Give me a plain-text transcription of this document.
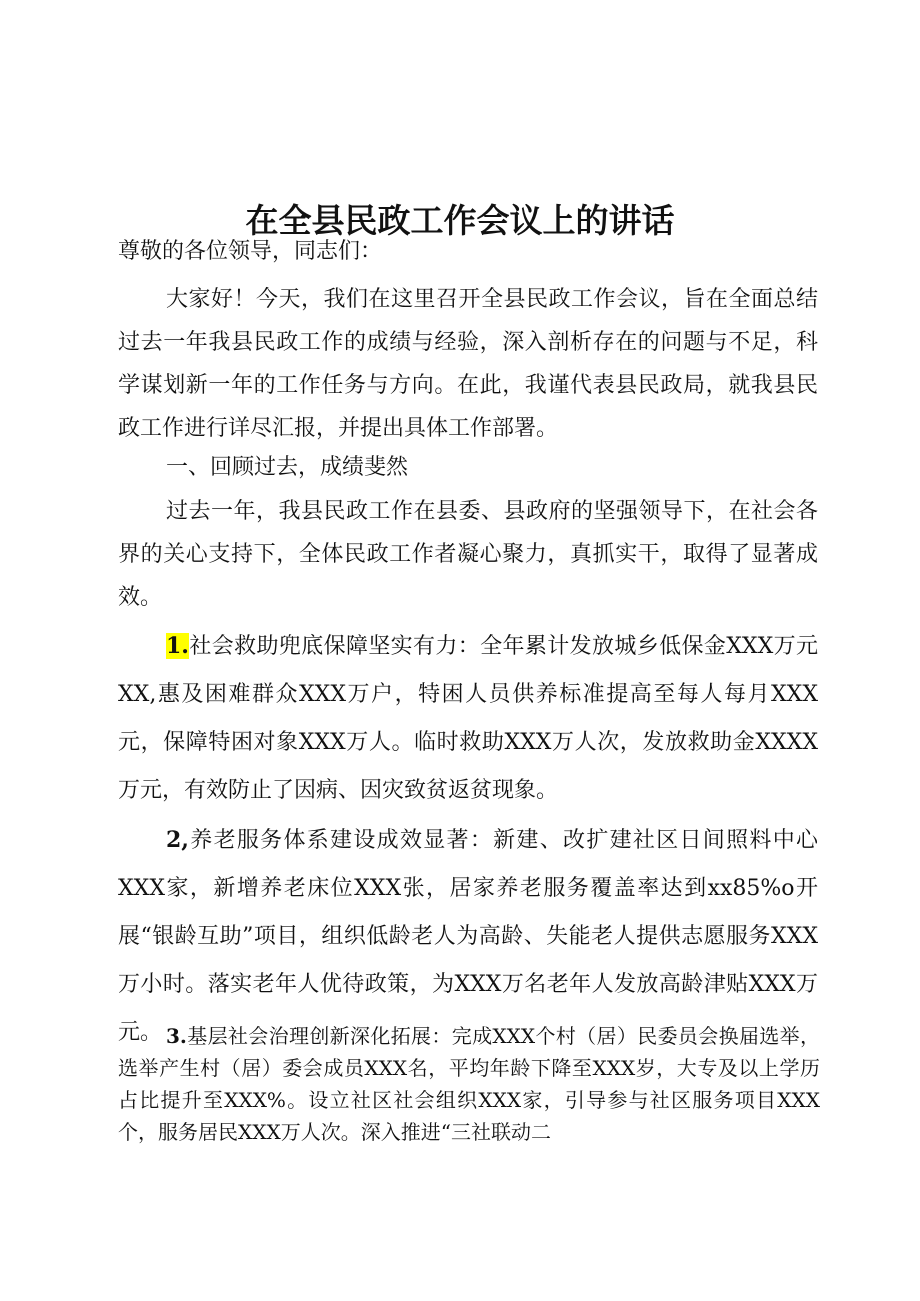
在全县民政工作会议上的讲话

尊敬的各位领导，同志们：

大家好！今天，我们在这里召开全县民政工作会议，旨在全面总结过去一年我县民政工作的成绩与经验，深入剖析存在的问题与不足，科学谋划新一年的工作任务与方向。在此，我谨代表县民政局，就我县民政工作进行详尽汇报，并提出具体工作部署。

一、回顾过去，成绩斐然

过去一年，我县民政工作在县委、县政府的坚强领导下，在社会各界的关心支持下，全体民政工作者凝心聚力，真抓实干，取得了显著成效。

1.社会救助兜底保障坚实有力：全年累计发放城乡低保金XXX万元XX,惠及困难群众XXX万户，特困人员供养标准提高至每人每月XXX元，保障特困对象XXX万人。临时救助XXX万人次，发放救助金XXXX万元，有效防止了因病、因灾致贫返贫现象。

2,养老服务体系建设成效显著：新建、改扩建社区日间照料中心XXX家，新增养老床位XXX张，居家养老服务覆盖率达到xx85%o开展“银龄互助”项目，组织低龄老人为高龄、失能老人提供志愿服务XXX万小时。落实老年人优待政策，为XXX万名老年人发放高龄津贴XXX万元。 3.基层社会治理创新深化拓展：完成XXX个村（居）民委员会换届选举，选举产生村（居）委会成员XXX名，平均年龄下降至XXX岁，大专及以上学历占比提升至XXX%。设立社区社会组织XXX家，引导参与社区服务项目XXX个，服务居民XXX万人次。深入推进“三社联动二
